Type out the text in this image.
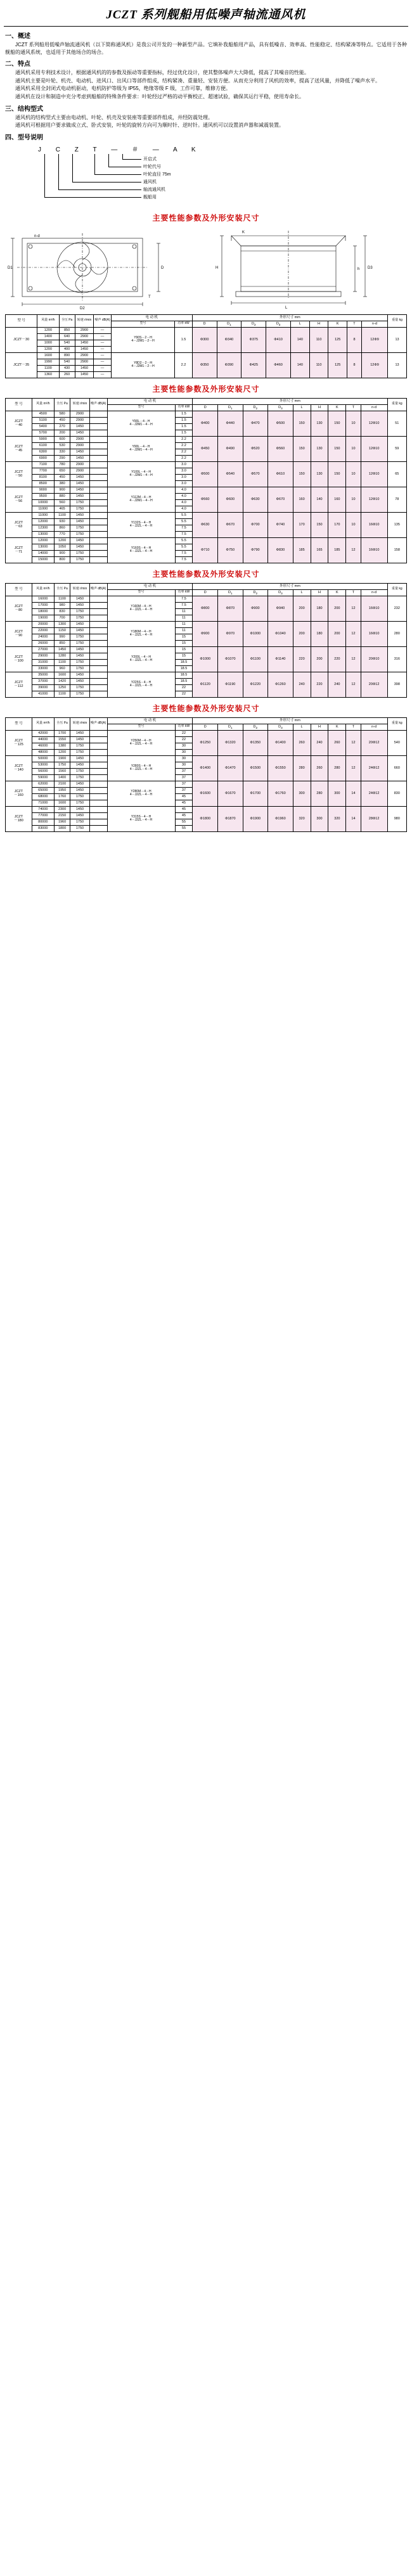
JCZT 系列舰船用低噪声轴流通风机
一、概述

JCZT 系列船用低噪声轴流通风机（以下简称通风机）是我公司开发的一种新型产品。它填补我船舶用产品，具有低噪音、效率高、性能稳定、结构紧凑等特点。它适用于各种舰船的通风系统，也适用于其他场合的场合。

二、特点

通风机采用专利技术设计，根据通风机的的参数及振动等重要指标，经过优化设计，使其整体噪声大大降低，提高了其噪音的性能。

通风机主要是叶轮、机壳、电动机、进风口、出风口等部件组成，结构紧凑、重量轻、安装方便。从而充分利用了风机的效率，提高了送风量，并降低了噪声水平。

通风机采用全封闭式电动机驱动，电机防护等级为 IP55，绝缘等级 F 级，工作可靠，维修方便。

通风机在设计和制造中充分考虑到船舶的特殊条件要求：叶轮经过严格的动平衡校正、超速试验，确保其运行平稳，使用寿命长。

三、结构型式

通风机的结构型式主要由电动机、叶轮、机壳及安装座等重要部件组成，并经防震处理。

通风机可根据用户要求做成立式、卧式安装，叶轮的旋转方向可为顺时针、逆时针。通风机可以设置消声器和减震装置。

四、型号说明
J C Z T — ＃ — A K
开启式
叶轮代号
叶轮直径 75m
通风机
轴流通风机
舰船用
主要性能参数及外形安装尺寸
D2
D1	D
n-d
T
L
H	h D3
K
型 号	风量 m³/h	全压 Pa	转速 r/min	噪声 dB(A)	电 动 机		外形尺寸 mm									重量 kg
					型号	功率 kW	D	$D_1$	$D_2$	$D_3$	L	H	K	T	n-d	
JCZT－30	1200	850	2900	—	Y90S－2－H
4－J2M1－2－H	1.5	Φ300	Φ340	Φ375	Φ410	140	110	125	8	12Φ9	13
	1400	640	2900	—												
	1000	540	1450	—												
	1200	400	1450	—												
JCZT－35	1600	890	2900	—	Y8D2－2－H
4－J2M1－2－H	2.2	Φ350	Φ390	Φ425	Φ460	140	110	125	8	12Φ9	13
	1990	540	2900	—												
	1100	430	1450	—												
	1360	260	1450	—												
主要性能参数及外形安装尺寸
型 号	风量 m³/h	全压 Pa	转速 r/min	噪声 dB(A)	电 动 机		外形尺寸 mm									重量 kg
					型号	功率 kW	D	$D_1$	$D_2$	$D_3$	L	H	K	T	n-d	
JCZT
－40	4500	580	2900		Y90L－4－H
4－J2M1－4－H	1.5	Φ400	Φ440	Φ470	Φ500	150	130	150	10	12Φ10	51
	5100	450	2900			1.5										
	5400	270	1450			1.5										
	5700	200	1450			1.5										
JCZT
－45	5900	600	2900		Y90L－4－H
4－J2M1－4－H	2.2	Φ450	Φ490	Φ520	Φ560	150	130	150	10	12Φ10	59
	6100	530	2900			2.2										
	6300	330	1450			2.2										
	6900	290	1450			2.2										
JCZT
－50	7100	780	2900		Y100L－4－H
4－J2M1－4－H	3.0	Φ500	Φ540	Φ570	Φ610	150	130	150	10	12Φ10	65
	7700	650	2900			3.0										
	8100	450	1450			3.0										
	8500	380	1450			3.0										
JCZT
－56	9000	900	1450		Y112M－4－H
4－J2M1－4－H	4.0	Φ560	Φ600	Φ630	Φ670	160	140	160	10	12Φ10	78
	9500	880	1450			4.0										
	10000	560	1750			4.0										
	11000	465	1750			4.0										
JCZT
－63	11000	1100	1450		Y132S－4－H
4－J2ZL－4－H	5.5	Φ630	Φ670	Φ700	Φ740	170	150	170	10	16Φ10	135
	12000	930	1450			5.5										
	12300	860	1750			7.5										
	13000	770	1750			7.5										
JCZT
－71	12000	1200	1450		Y160S－4－H
4－J2ZL－4－H	5.5	Φ710	Φ750	Φ790	Φ830	185	165	185	12	16Φ10	158
	13000	1050	1450			5.5										
	14000	900	1750			7.5										
	15000	800	1750			7.5										
主要性能参数及外形安装尺寸
型 号	风量 m³/h	全压 Pa	转速 r/min	噪声 dB(A)	电 动 机		外形尺寸 mm									重量 kg
					型号	功率 kW	D	$D_1$	$D_2$	$D_3$	L	H	K	T	n-d	
JCZT
－80	16000	1100	1450		Y160M－4－H
4－J2ZL－4－H	7.5	Φ800	Φ870	Φ900	Φ940	200	180	200	12	16Φ10	232
	17000	980	1450			7.5										
	18000	830	1750			11										
	19000	700	1750			11										
JCZT
－90	20000	1300	1450		Y180M－4－H
4－J2ZL－4－H	11	Φ900	Φ970	Φ1000	Φ1040	200	180	200	12	16Φ10	280
	22000	1150	1450			11										
	24000	990	1750			15										
	26000	850	1750			15										
JCZT
－100	27000	1450	1450		Y200L－4－H
4－J2ZL－4－H	15	Φ1000	Φ1070	Φ1100	Φ1140	220	200	220	12	20Φ10	316
	29000	1280	1450			15										
	31000	1100	1750			18.5										
	33000	960	1750			18.5										
JCZT
－112	35000	1600	1450		Y225S－4－H
4－J2ZL－4－H	18.5	Φ1120	Φ1190	Φ1220	Φ1260	240	220	240	12	20Φ12	398
	37000	1420	1450			18.5										
	39000	1250	1750			22										
	41000	1100	1750			22										
主要性能参数及外形安装尺寸
型 号	风量 m³/h	全压 Pa	转速 r/min	噪声 dB(A)	电 动 机		外形尺寸 mm									重量 kg
					型号	功率 kW	D	$D_1$	$D_2$	$D_3$	L	H	K	T	n-d	
JCZT
－125	42000	1700	1450		Y250M－4－H
4－J2ZL－4－H	22	Φ1250	Φ1320	Φ1350	Φ1400	260	240	260	12	20Φ12	540
	44000	1550	1450			22										
	46000	1380	1750			30										
	48000	1200	1750			30										
JCZT
－140	50000	1900	1450		Y280S－4－H
4－J2ZL－4－H	30	Φ1400	Φ1470	Φ1500	Φ1550	280	260	280	12	24Φ12	660
	53000	1750	1450			30										
	56000	1560	1750			37										
	59000	1400	1750			37										
JCZT
－160	62000	2100	1450		Y280M－4－H
4－J2ZL－4－H	37	Φ1600	Φ1670	Φ1700	Φ1760	300	280	300	14	24Φ12	830
	65000	1950	1450			37										
	68000	1760	1750			45										
	71000	1600	1750			45										
JCZT
－180	74000	2300	1450		Y315S－4－H
4－J2ZL－4－H	45	Φ1800	Φ1870	Φ1900	Φ1960	320	300	320	14	28Φ12	980
	77000	2150	1450			45										
	80000	1960	1750			55										
	83000	1800	1750			55										
